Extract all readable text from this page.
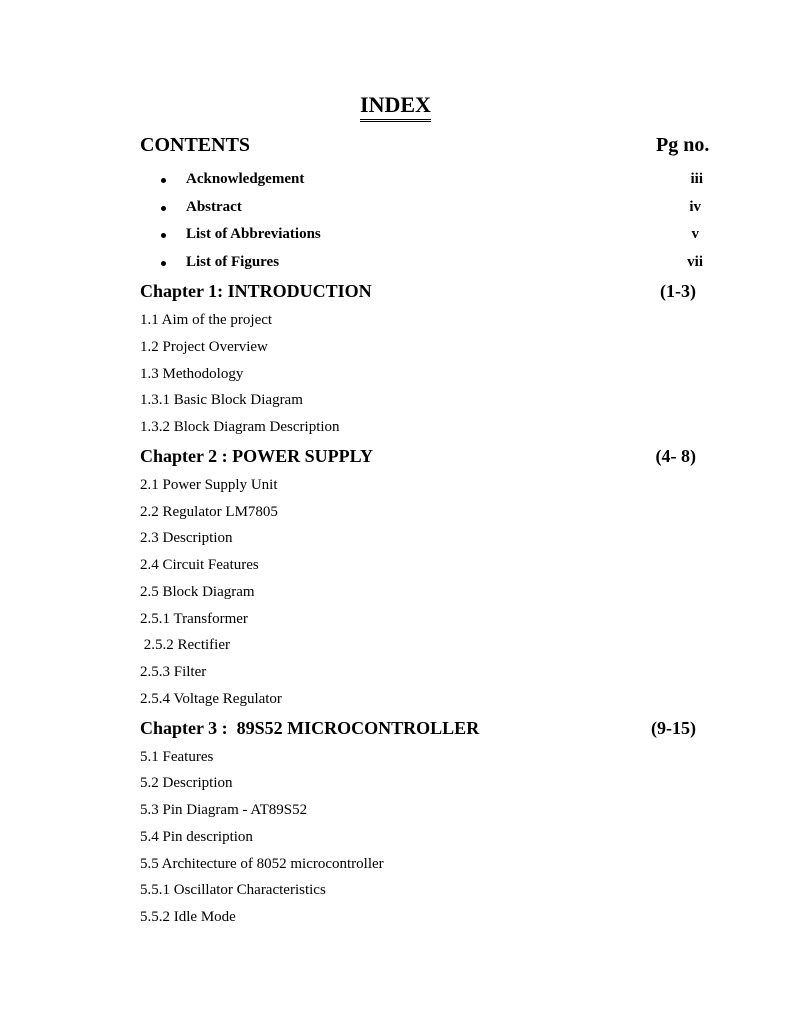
INDEX
CONTENTS	Pg no.
Acknowledgement	iii
Abstract	iv
List of Abbreviations	v
List of Figures	vii
Chapter 1: INTRODUCTION	(1-3)
1.1 Aim of the project
1.2 Project Overview
1.3 Methodology
1.3.1 Basic Block Diagram
1.3.2 Block Diagram Description
Chapter 2 : POWER SUPPLY	(4- 8)
2.1 Power Supply Unit
2.2 Regulator LM7805
2.3 Description
2.4 Circuit Features
2.5 Block Diagram
2.5.1 Transformer
2.5.2 Rectifier
2.5.3 Filter
2.5.4 Voltage Regulator
Chapter 3 :  89S52 MICROCONTROLLER	(9-15)
5.1 Features
5.2 Description
5.3 Pin Diagram - AT89S52
5.4 Pin description
5.5 Architecture of 8052 microcontroller
5.5.1 Oscillator Characteristics
5.5.2 Idle Mode
